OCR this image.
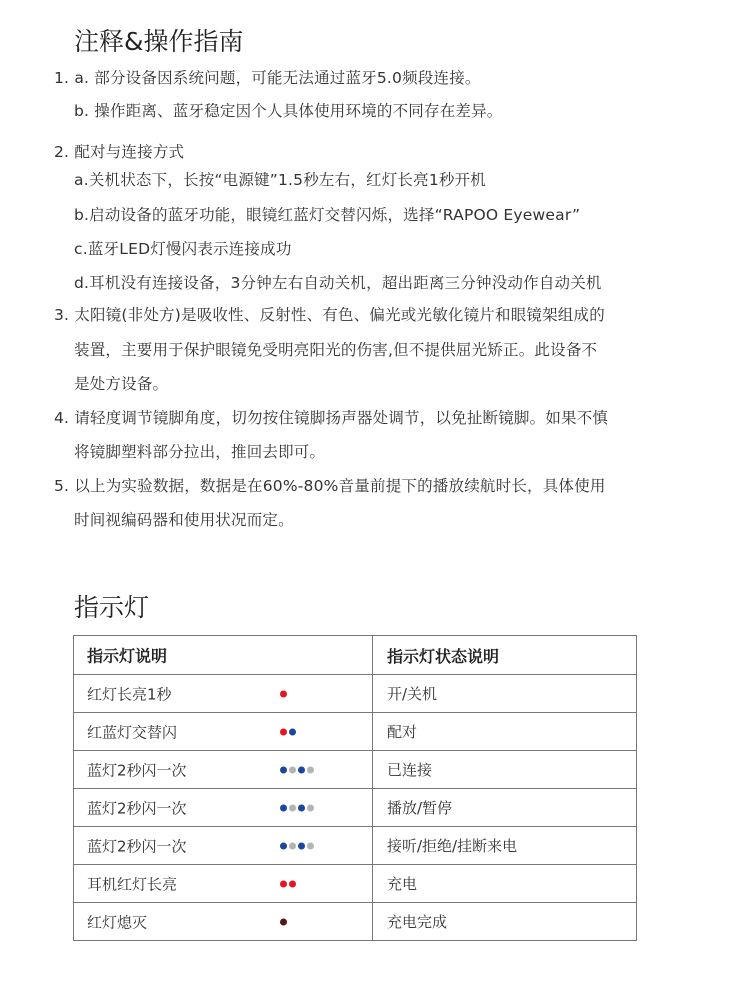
注释&操作指南
1. a. 部分设备因系统问题，可能无法通过蓝牙5.0频段连接。
b. 操作距离、蓝牙稳定因个人具体使用环境的不同存在差异。
2. 配对与连接方式
a.关机状态下，长按“电源键”1.5秒左右，红灯长亮1秒开机
b.启动设备的蓝牙功能，眼镜红蓝灯交替闪烁，选择“RAPOO Eyewear”
c.蓝牙LED灯慢闪表示连接成功
d.耳机没有连接设备，3分钟左右自动关机，超出距离三分钟没动作自动关机
3. 太阳镜(非处方)是吸收性、反射性、有色、偏光或光敏化镜片和眼镜架组成的
装置，主要用于保护眼镜免受明亮阳光的伤害,但不提供屈光矫正。此设备不
是处方设备。
4. 请轻度调节镜脚角度，切勿按住镜脚扬声器处调节，以免扯断镜脚。如果不慎
将镜脚塑料部分拉出，推回去即可。
5. 以上为实验数据，数据是在60%-80%音量前提下的播放续航时长，具体使用
时间视编码器和使用状况而定。
指示灯
指示灯说明	指示灯状态说明

红灯长亮1秒	开/关机

红蓝灯交替闪	配对

蓝灯2秒闪一次	已连接

蓝灯2秒闪一次	播放/暂停

蓝灯2秒闪一次	接听/拒绝/挂断来电

耳机红灯长亮	充电

红灯熄灭	充电完成
